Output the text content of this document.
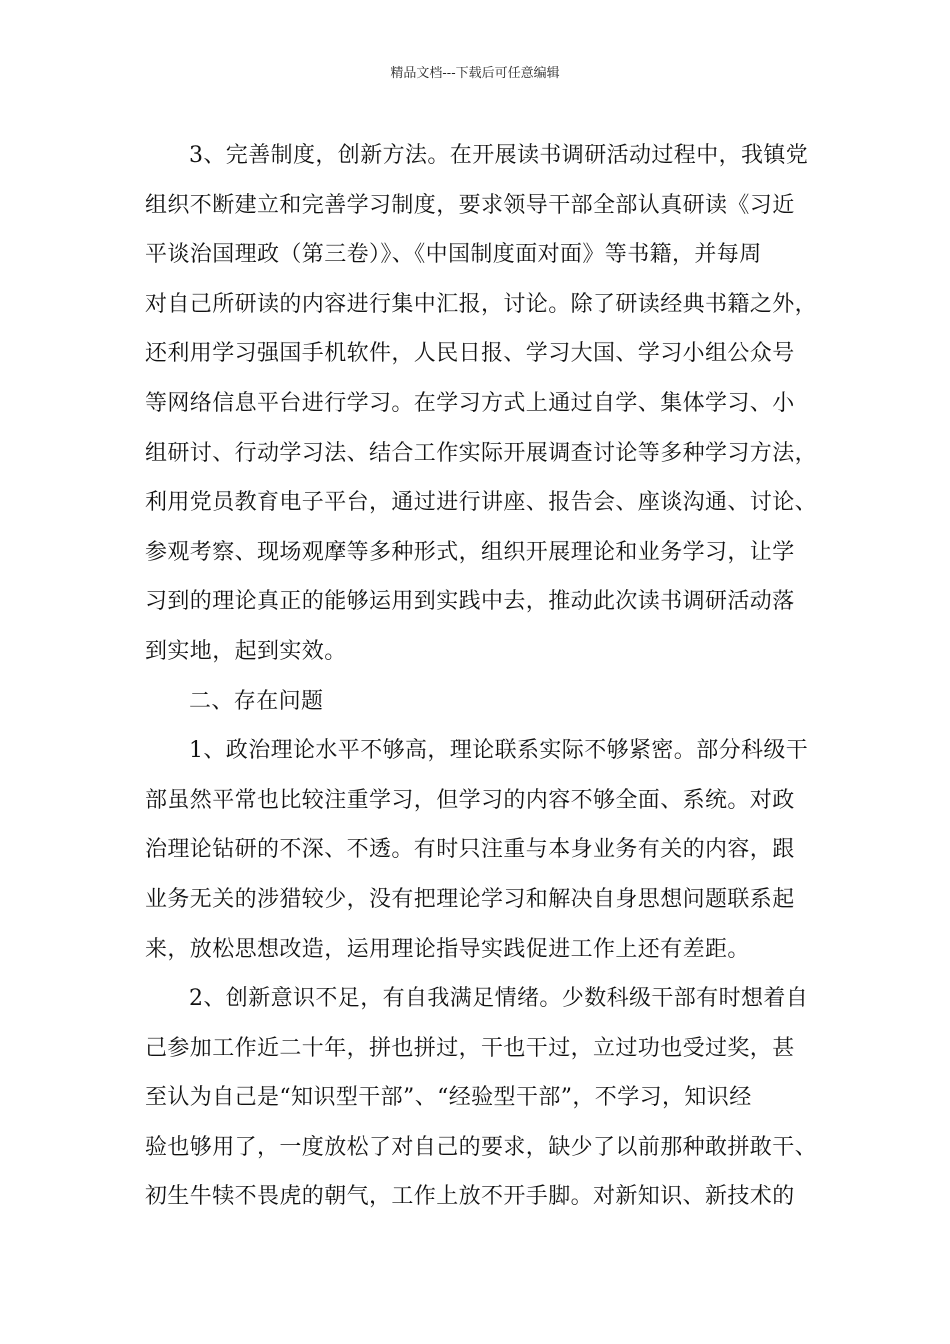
精品文档---下载后可任意编辑
3、完善制度，创新方法。在开展读书调研活动过程中，我镇党
组织不断建立和完善学习制度，要求领导干部全部认真研读《习近
平谈治国理政（第三卷）》、《中国制度面对面》等书籍，并每周
对自己所研读的内容进行集中汇报，讨论。除了研读经典书籍之外，
还利用学习强国手机软件，人民日报、学习大国、学习小组公众号
等网络信息平台进行学习。在学习方式上通过自学、集体学习、小
组研讨、行动学习法、结合工作实际开展调查讨论等多种学习方法，
利用党员教育电子平台，通过进行讲座、报告会、座谈沟通、讨论、
参观考察、现场观摩等多种形式，组织开展理论和业务学习，让学
习到的理论真正的能够运用到实践中去，推动此次读书调研活动落
到实地，起到实效。
二、存在问题
1、政治理论水平不够高，理论联系实际不够紧密。部分科级干
部虽然平常也比较注重学习，但学习的内容不够全面、系统。对政
治理论钻研的不深、不透。有时只注重与本身业务有关的内容，跟
业务无关的涉猎较少，没有把理论学习和解决自身思想问题联系起
来，放松思想改造，运用理论指导实践促进工作上还有差距。
2、创新意识不足，有自我满足情绪。少数科级干部有时想着自
己参加工作近二十年，拼也拼过，干也干过，立过功也受过奖，甚
至认为自己是“知识型干部”、“经验型干部”，不学习，知识经
验也够用了，一度放松了对自己的要求，缺少了以前那种敢拼敢干、
初生牛犊不畏虎的朝气，工作上放不开手脚。对新知识、新技术的
